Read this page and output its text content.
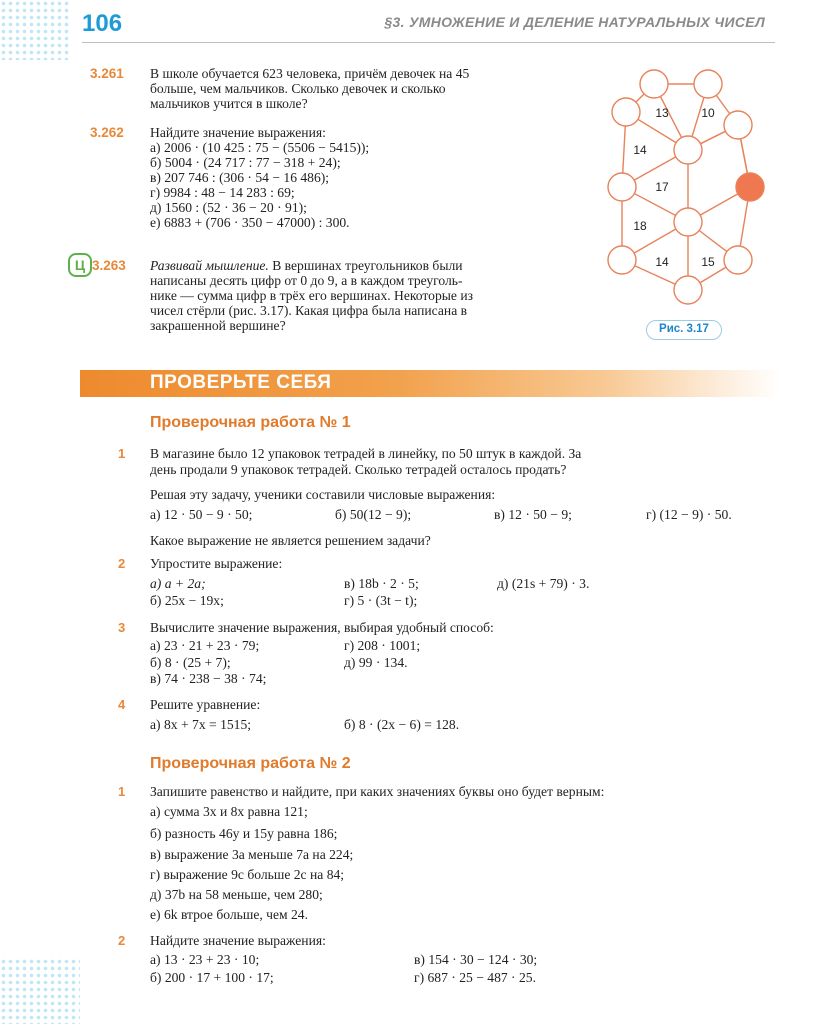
106	§3. УМНОЖЕНИЕ И ДЕЛЕНИЕ НАТУРАЛЬНЫХ ЧИСЕЛ
3.261 В школе обучается 623 человека, причём девочек на 45
больше, чем мальчиков. Сколько девочек и сколько
мальчиков учится в школе?
3.262 Найдите значение выражения:
а) 2006 · (10 425 : 75 − (5506 − 5415));
б) 5004 · (24 717 : 77 − 318 + 24);
в) 207 746 : (306 · 54 − 16 486);
г) 9984 : 48 − 14 283 : 69;
д) 1560 : (52 · 36 − 20 · 91);
е) 6883 + (706 · 350 − 47000) : 300.
Ц 3.263 Развивай мышление. В вершинах треугольников были
написаны десять цифр от 0 до 9, а в каждом треуголь-
нике — сумма цифр в трёх его вершинах. Некоторые из
чисел стёрли (рис. 3.17). Какая цифра была написана в
закрашенной вершине?
13	10
14
17
18
14	15
Рис. 3.17
ПРОВЕРЬТЕ СЕБЯ
Проверочная работа № 1
1 В магазине было 12 упаковок тетрадей в линейку, по 50 штук в каждой. За
день продали 9 упаковок тетрадей. Сколько тетрадей осталось продать?
Решая эту задачу, ученики составили числовые выражения:
а) 12 · 50 − 9 · 50;	б) 50(12 − 9);	в) 12 · 50 − 9;	г) (12 − 9) · 50.
Какое выражение не является решением задачи?
2 Упростите выражение:
а) a + 2a;	в) 18b · 2 · 5;	д) (21s + 79) · 3.
б) 25x − 19x;	г) 5 · (3t − t);
3 Вычислите значение выражения, выбирая удобный способ:
а) 23 · 21 + 23 · 79;	г) 208 · 1001;
б) 8 · (25 + 7);	д) 99 · 134.
в) 74 · 238 − 38 · 74;
4 Решите уравнение:
а) 8x + 7x = 1515;	б) 8 · (2x − 6) = 128.
Проверочная работа № 2
1 Запишите равенство и найдите, при каких значениях буквы оно будет верным:
а) сумма 3x и 8x равна 121;
б) разность 46y и 15y равна 186;
в) выражение 3a меньше 7a на 224;
г) выражение 9c больше 2c на 84;
д) 37b на 58 меньше, чем 280;
е) 6k втрое больше, чем 24.
2 Найдите значение выражения:
а) 13 · 23 + 23 · 10;	в) 154 · 30 − 124 · 30;
б) 200 · 17 + 100 · 17;	г) 687 · 25 − 487 · 25.
